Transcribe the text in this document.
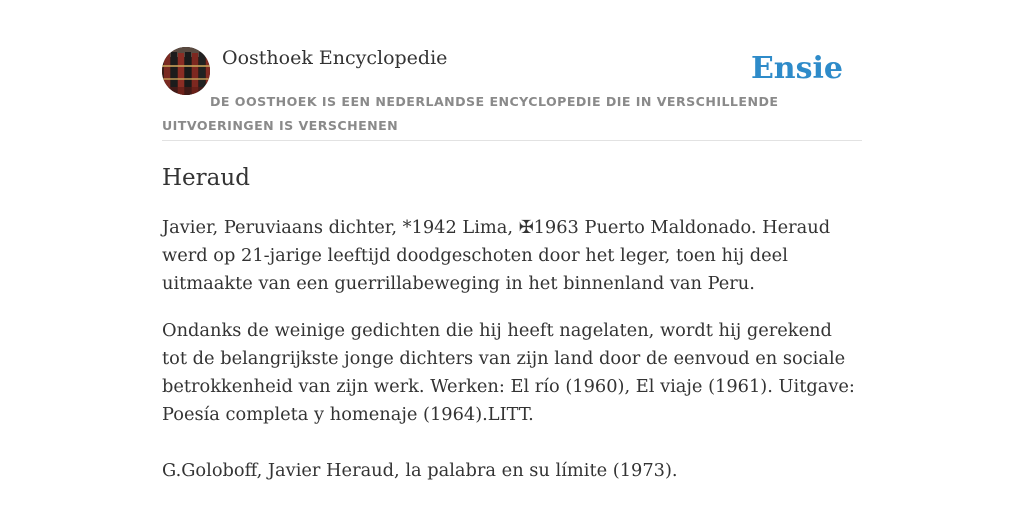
Oosthoek Encyclopedie	Ensie
DE OOSTHOEK IS EEN NEDERLANDSE ENCYCLOPEDIE DIE IN VERSCHILLENDE UITVOERINGEN IS VERSCHENEN
Heraud

Javier, Peruviaans dichter, *1942 Lima, ✠1963 Puerto Maldonado. Heraud werd op 21-jarige leeftijd doodgeschoten door het leger, toen hij deel uitmaakte van een guerrillabeweging in het binnenland van Peru.

Ondanks de weinige gedichten die hij heeft nagelaten, wordt hij gerekend tot de belangrijkste jonge dichters van zijn land door de eenvoud en sociale betrokkenheid van zijn werk. Werken: El río (1960), El viaje (1961). Uitgave: Poesía completa y homenaje (1964).LITT.

G.Goloboff, Javier Heraud, la palabra en su límite (1973).
